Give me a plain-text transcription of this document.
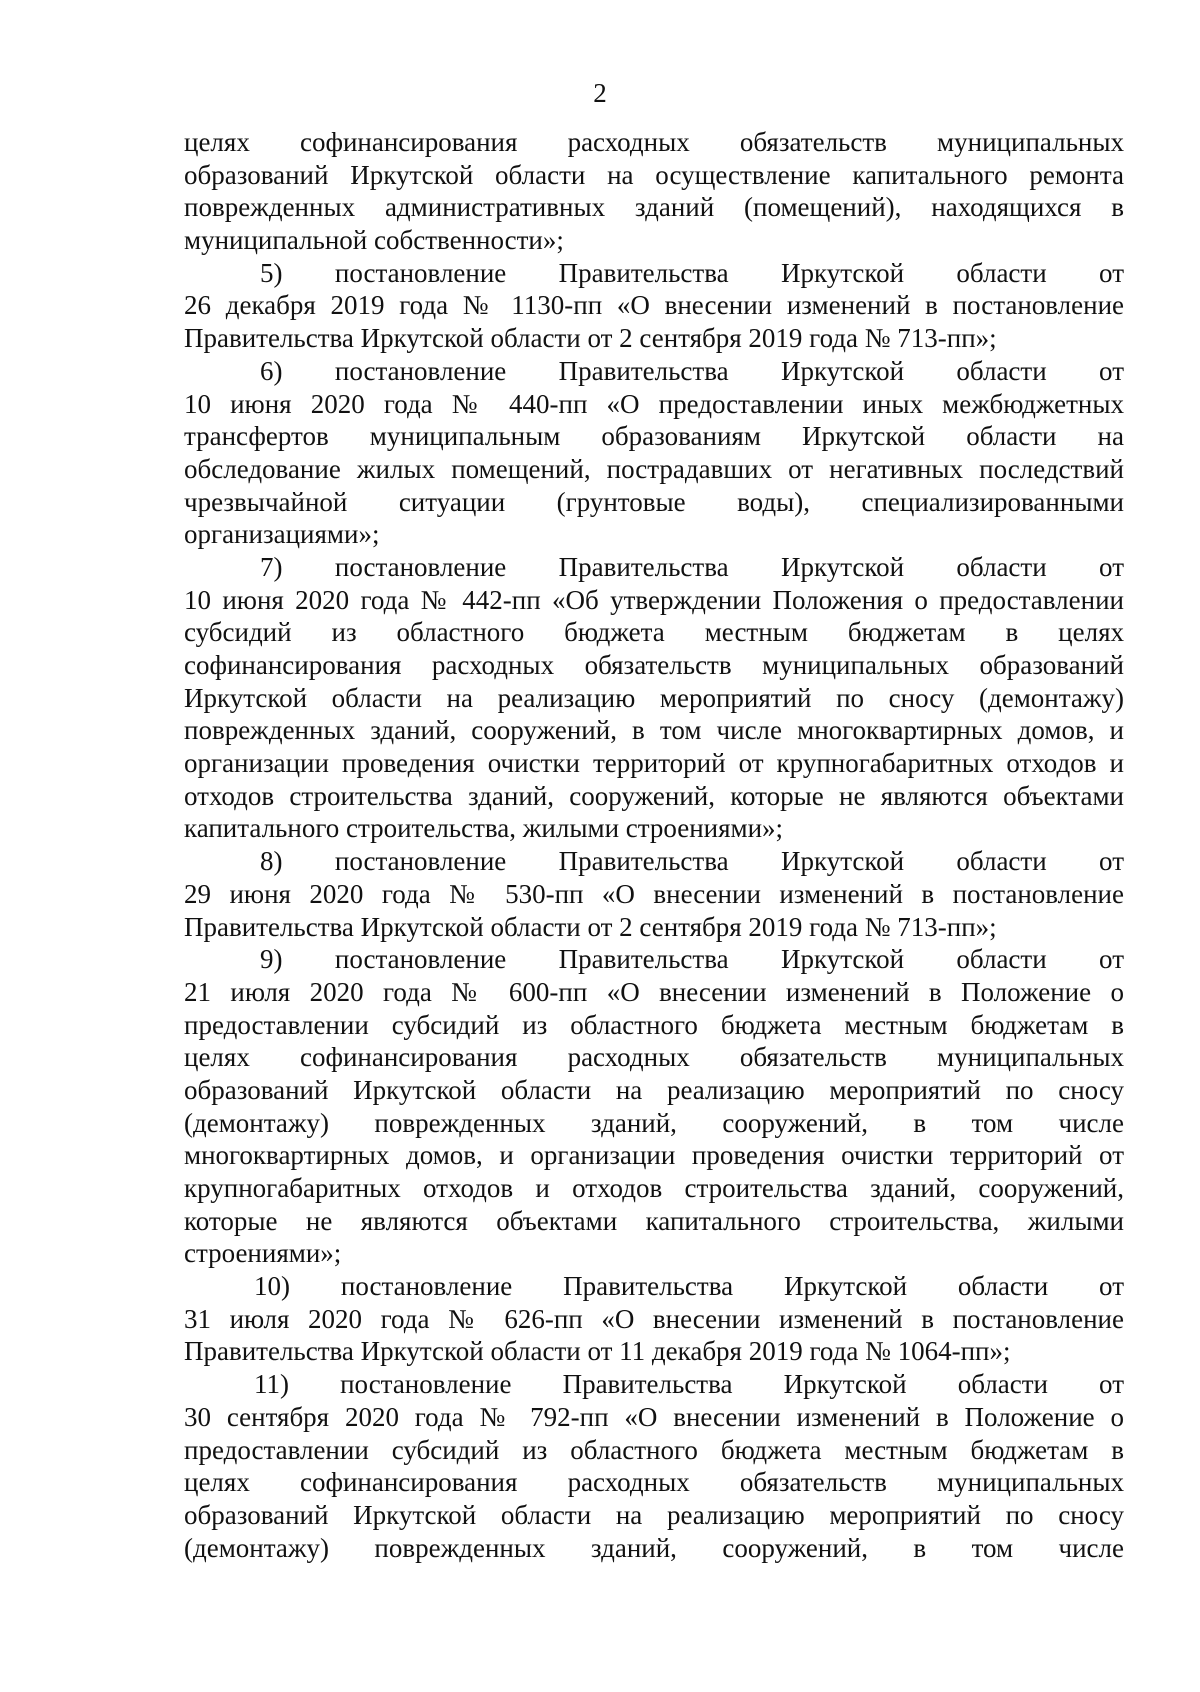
2
целях софинансирования расходных обязательств муниципальных
образований Иркутской области на осуществление капитального ремонта
поврежденных административных зданий (помещений), находящихся в
муниципальной собственности»;
5) постановление Правительства Иркутской области от
26 декабря 2019 года № 1130-пп «О внесении изменений в постановление
Правительства Иркутской области от 2 сентября 2019 года № 713-пп»;
6) постановление Правительства Иркутской области от
10 июня 2020 года № 440-пп «О предоставлении иных межбюджетных
трансфертов муниципальным образованиям Иркутской области на
обследование жилых помещений, пострадавших от негативных последствий
чрезвычайной ситуации (грунтовые воды), специализированными
организациями»;
7) постановление Правительства Иркутской области от
10 июня 2020 года № 442-пп «Об утверждении Положения о предоставлении
субсидий из областного бюджета местным бюджетам в целях
софинансирования расходных обязательств муниципальных образований
Иркутской области на реализацию мероприятий по сносу (демонтажу)
поврежденных зданий, сооружений, в том числе многоквартирных домов, и
организации проведения очистки территорий от крупногабаритных отходов и
отходов строительства зданий, сооружений, которые не являются объектами
капитального строительства, жилыми строениями»;
8) постановление Правительства Иркутской области от
29 июня 2020 года № 530-пп «О внесении изменений в постановление
Правительства Иркутской области от 2 сентября 2019 года № 713-пп»;
9) постановление Правительства Иркутской области от
21 июля 2020 года № 600-пп «О внесении изменений в Положение о
предоставлении субсидий из областного бюджета местным бюджетам в
целях софинансирования расходных обязательств муниципальных
образований Иркутской области на реализацию мероприятий по сносу
(демонтажу) поврежденных зданий, сооружений, в том числе
многоквартирных домов, и организации проведения очистки территорий от
крупногабаритных отходов и отходов строительства зданий, сооружений,
которые не являются объектами капитального строительства, жилыми
строениями»;
10) постановление Правительства Иркутской области от
31 июля 2020 года № 626-пп «О внесении изменений в постановление
Правительства Иркутской области от 11 декабря 2019 года № 1064-пп»;
11) постановление Правительства Иркутской области от
30 сентября 2020 года № 792-пп «О внесении изменений в Положение о
предоставлении субсидий из областного бюджета местным бюджетам в
целях софинансирования расходных обязательств муниципальных
образований Иркутской области на реализацию мероприятий по сносу
(демонтажу) поврежденных зданий, сооружений, в том числе
